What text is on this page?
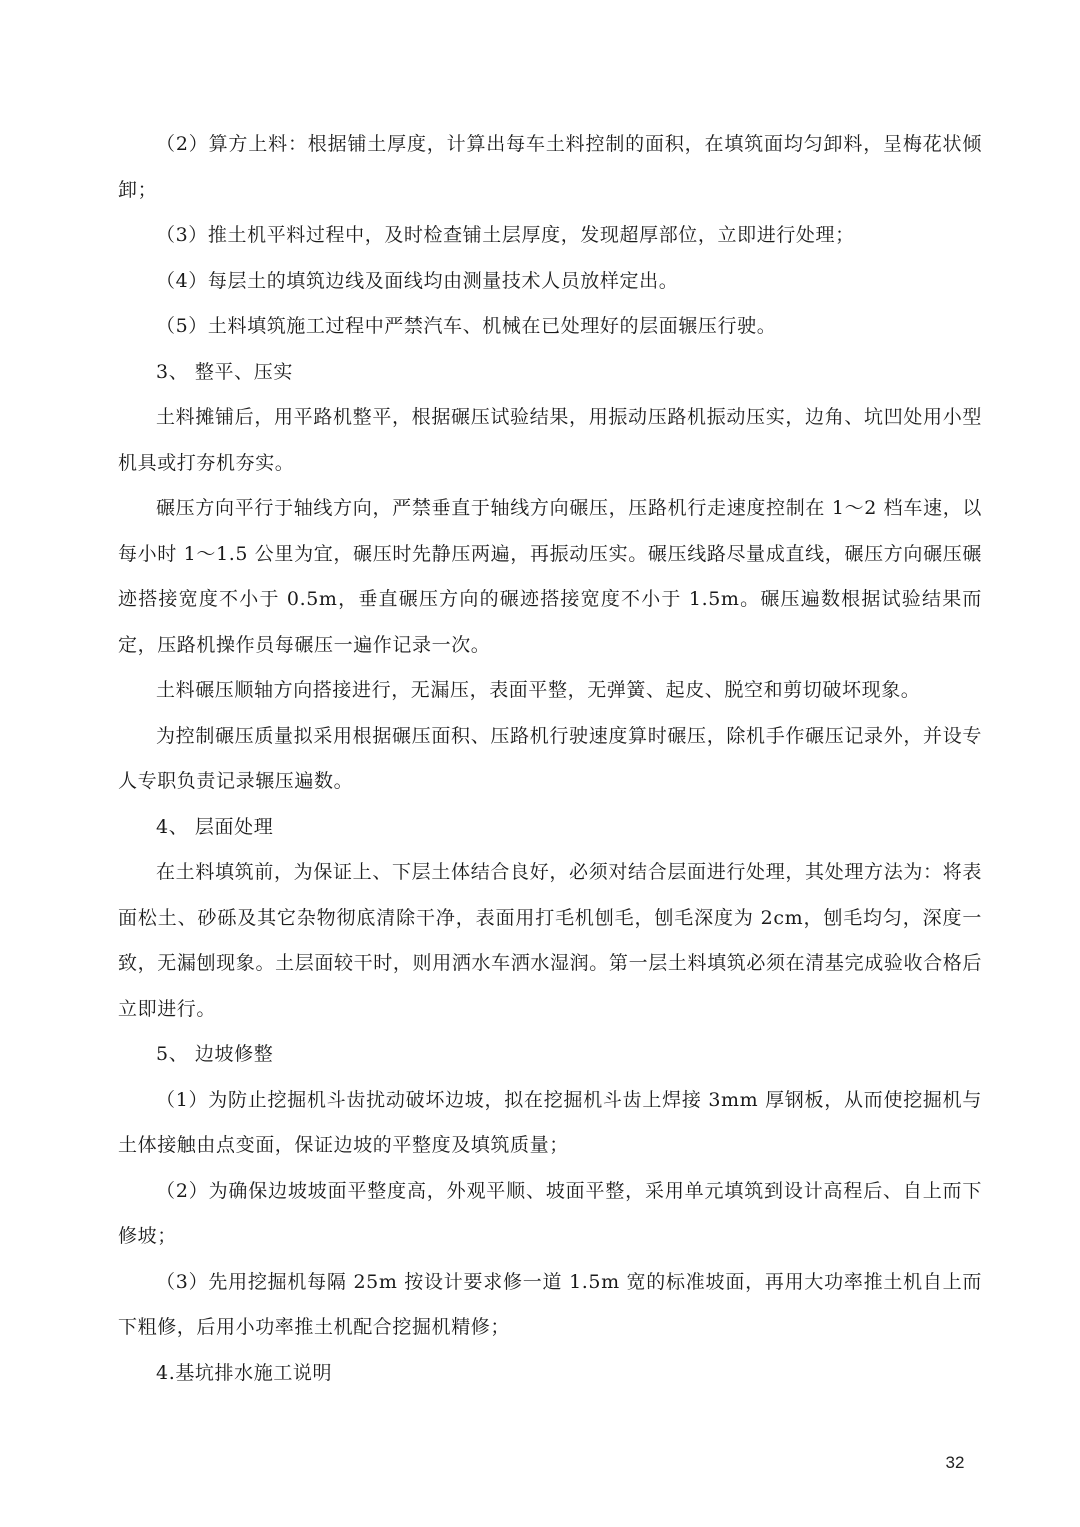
（2）算方上料：根据铺土厚度，计算出每车土料控制的面积，在填筑面均匀卸料，呈梅花状倾卸；

（3）推土机平料过程中，及时检查铺土层厚度，发现超厚部位，立即进行处理；

（4）每层土的填筑边线及面线均由测量技术人员放样定出。

（5）土料填筑施工过程中严禁汽车、机械在已处理好的层面辗压行驶。

3、 整平、压实

土料摊铺后，用平路机整平，根据碾压试验结果，用振动压路机振动压实，边角、坑凹处用小型机具或打夯机夯实。

碾压方向平行于轴线方向，严禁垂直于轴线方向碾压，压路机行走速度控制在 1～2 档车速，以每小时 1～1.5 公里为宜，碾压时先静压两遍，再振动压实。碾压线路尽量成直线，碾压方向碾压碾迹搭接宽度不小于 0.5m，垂直碾压方向的碾迹搭接宽度不小于 1.5m。碾压遍数根据试验结果而定，压路机操作员每碾压一遍作记录一次。

土料碾压顺轴方向搭接进行，无漏压，表面平整，无弹簧、起皮、脱空和剪切破坏现象。

为控制碾压质量拟采用根据碾压面积、压路机行驶速度算时碾压，除机手作碾压记录外，并设专人专职负责记录辗压遍数。

4、 层面处理

在土料填筑前，为保证上、下层土体结合良好，必须对结合层面进行处理，其处理方法为：将表面松土、砂砾及其它杂物彻底清除干净，表面用打毛机刨毛，刨毛深度为 2cm，刨毛均匀，深度一致，无漏刨现象。土层面较干时，则用洒水车洒水湿润。第一层土料填筑必须在清基完成验收合格后立即进行。

5、 边坡修整

（1）为防止挖掘机斗齿扰动破坏边坡，拟在挖掘机斗齿上焊接 3mm 厚钢板，从而使挖掘机与土体接触由点变面，保证边坡的平整度及填筑质量；

（2）为确保边坡坡面平整度高，外观平顺、坡面平整，采用单元填筑到设计高程后、自上而下修坡；

（3）先用挖掘机每隔 25m 按设计要求修一道 1.5m 宽的标准坡面，再用大功率推土机自上而下粗修，后用小功率推土机配合挖掘机精修；

4.基坑排水施工说明

32
